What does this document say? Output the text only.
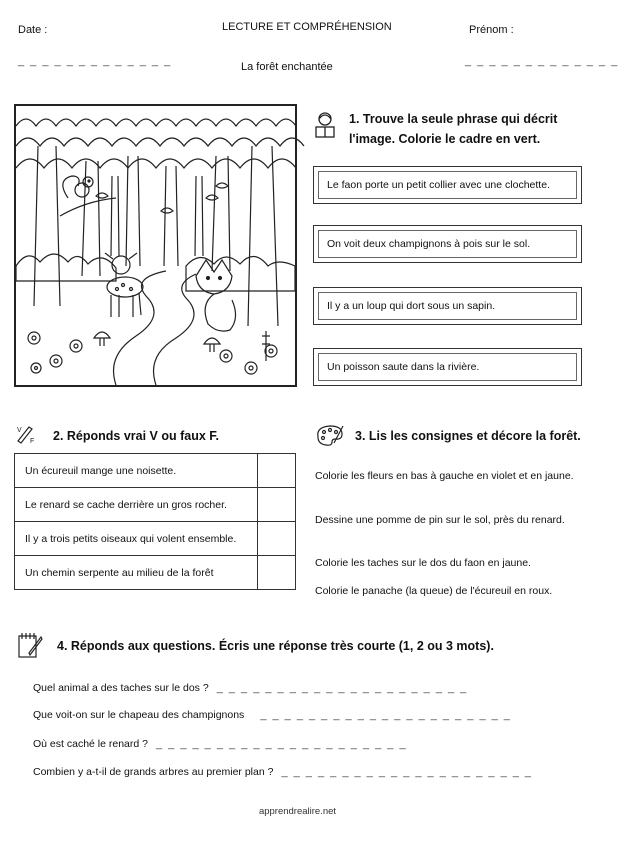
Date :	LECTURE ET COMPRÉHENSION	Prénom :
_ _ _ _ _ _ _ _ _ _ _ _ _	La forêt enchantée	_ _ _ _ _ _ _ _ _ _ _ _ _
1. Trouve la seule phrase qui décrit l'image. Colorie le cadre en vert.
Le faon porte un petit collier avec une clochette.
On voit deux champignons à pois sur le sol.
Il y a un loup qui dort sous un sapin.
Un poisson saute dans la rivière.
V
F 2. Réponds vrai V ou faux F.
Un écureuil mange une noisette.	
Le renard se cache derrière un gros rocher.	
Il y a trois petits oiseaux qui volent ensemble.	
Un chemin serpente au milieu de la forêt	
3. Lis les consignes et décore la forêt.
Colorie les fleurs en bas à gauche en violet et en jaune.
Dessine une pomme de pin sur le sol, près du renard.
Colorie les taches sur le dos du faon en jaune.
Colorie le panache (la queue) de l'écureuil en roux.
4. Réponds aux questions. Écris une réponse très courte (1, 2 ou 3 mots).
Quel animal a des taches sur le dos ? _ _ _ _ _ _ _ _ _ _ _ _ _ _ _ _ _ _ _ _ _
Que voit-on sur le chapeau des champignons _ _ _ _ _ _ _ _ _ _ _ _ _ _ _ _ _ _ _ _ _
Où est caché le renard ? _ _ _ _ _ _ _ _ _ _ _ _ _ _ _ _ _ _ _ _ _
Combien y a-t-il de grands arbres au premier plan ? _ _ _ _ _ _ _ _ _ _ _ _ _ _ _ _ _ _ _ _ _
apprendrealire.net
